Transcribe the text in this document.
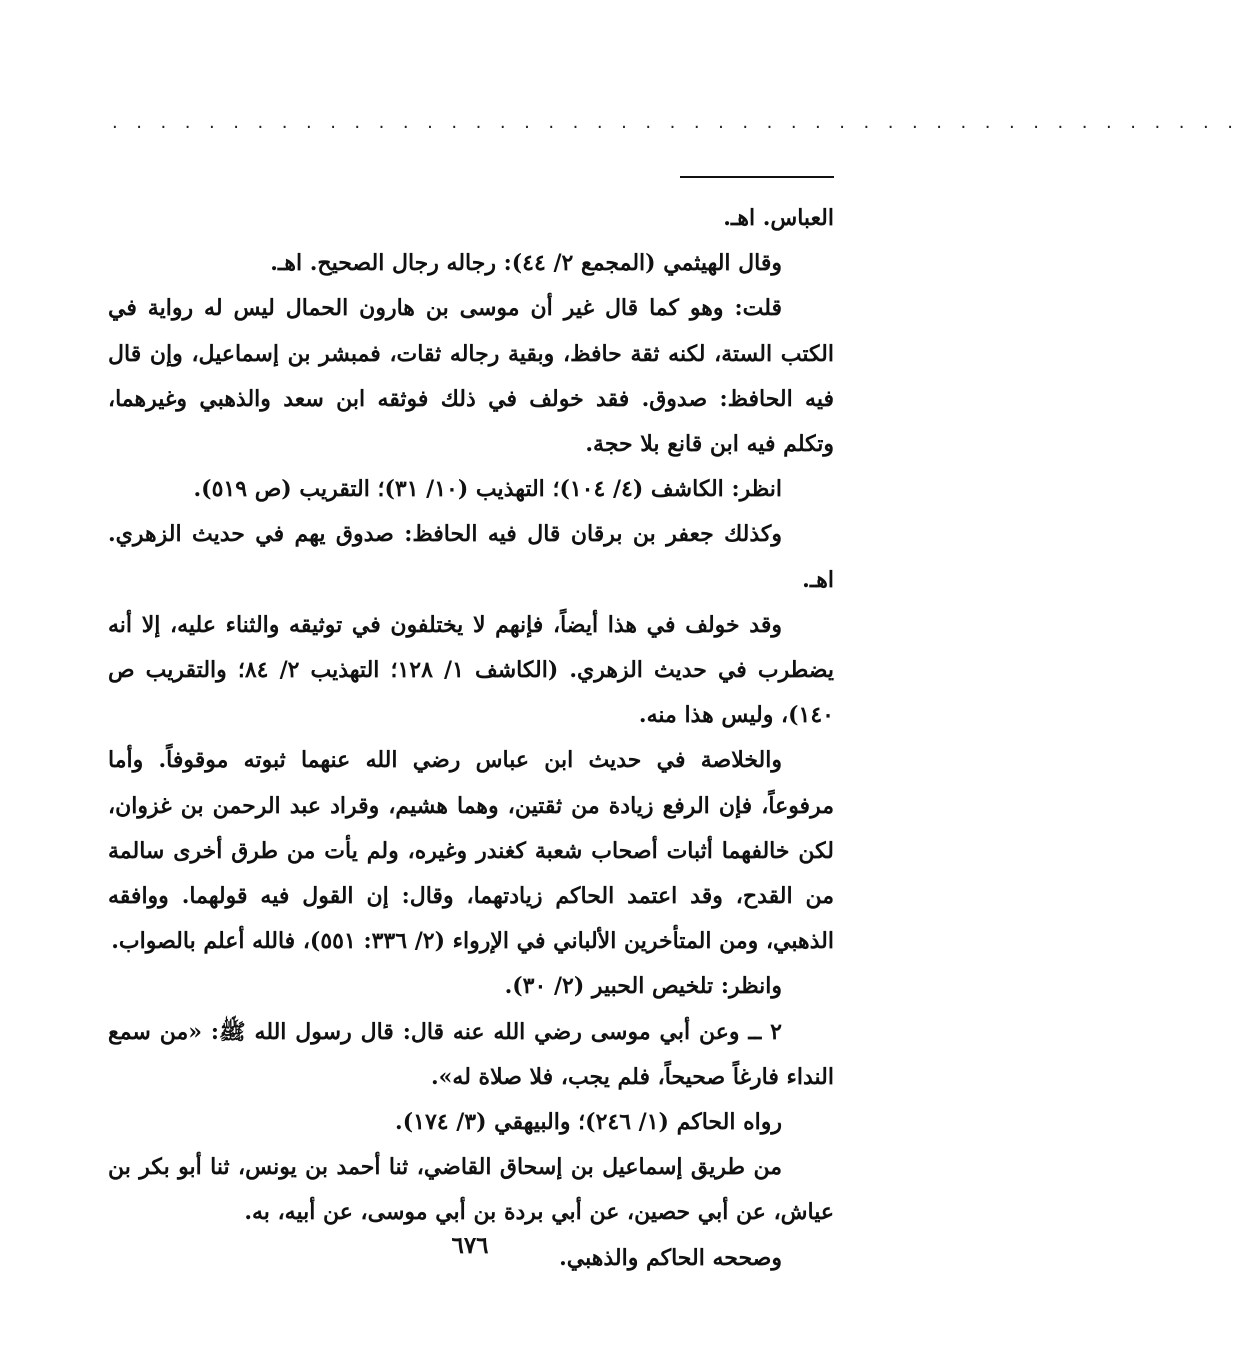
. . . . . . . . . . . . . . . . . . . . . . . . . . . . . . . . . . . . . . . . . . . . . . .

العباس. اهـ.

وقال الهيثمي (المجمع ٢/ ٤٤): رجاله رجال الصحيح. اهـ.

قلت: وهو كما قال غير أن موسى بن هارون الحمال ليس له رواية في الكتب الستة، لكنه ثقة حافظ، وبقية رجاله ثقات، فمبشر بن إسماعيل، وإن قال فيه الحافظ: صدوق. فقد خولف في ذلك فوثقه ابن سعد والذهبي وغيرهما، وتكلم فيه ابن قانع بلا حجة.

انظر: الكاشف (٤/ ١٠٤)؛ التهذيب (١٠/ ٣١)؛ التقريب (ص ٥١٩).

وكذلك جعفر بن برقان قال فيه الحافظ: صدوق يهم في حديث الزهري. اهـ.

وقد خولف في هذا أيضاً، فإنهم لا يختلفون في توثيقه والثناء عليه، إلا أنه يضطرب في حديث الزهري. (الكاشف ١/ ١٢٨؛ التهذيب ٢/ ٨٤؛ والتقريب ص ١٤٠)، وليس هذا منه.

والخلاصة في حديث ابن عباس رضي الله عنهما ثبوته موقوفاً. وأما مرفوعاً، فإن الرفع زيادة من ثقتين، وهما هشيم، وقراد عبد الرحمن بن غزوان، لكن خالفهما أثبات أصحاب شعبة كغندر وغيره، ولم يأت من طرق أخرى سالمة من القدح، وقد اعتمد الحاكم زيادتهما، وقال: إن القول فيه قولهما. ووافقه الذهبي، ومن المتأخرين الألباني في الإرواء (٢/ ٣٣٦: ٥٥١)، فالله أعلم بالصواب.

وانظر: تلخيص الحبير (٢/ ٣٠).

٢ ــ وعن أبي موسى رضي الله عنه قال: قال رسول الله ﷺ: «من سمع النداء فارغاً صحيحاً، فلم يجب، فلا صلاة له».

رواه الحاكم (١/ ٢٤٦)؛ والبيهقي (٣/ ١٧٤).

من طريق إسماعيل بن إسحاق القاضي، ثنا أحمد بن يونس، ثنا أبو بكر بن عياش، عن أبي حصين، عن أبي بردة بن أبي موسى، عن أبيه، به.

وصححه الحاكم والذهبي.

٦٧٦
